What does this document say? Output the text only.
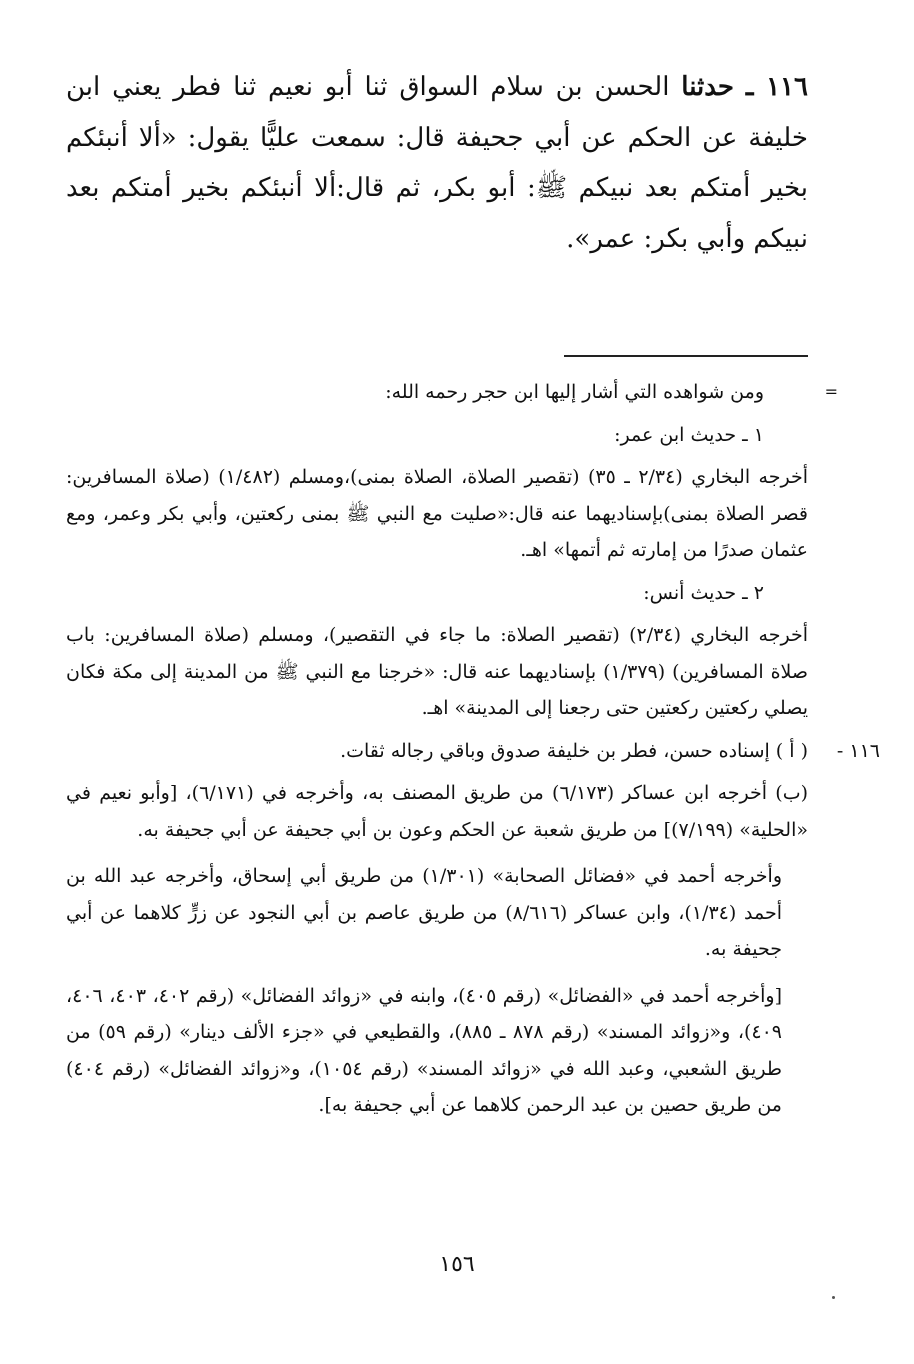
١١٦ ـ حدثنا الحسن بن سلام السواق ثنا أبو نعيم ثنا فطر يعني ابن خليفة عن الحكم عن أبي جحيفة قال: سمعت عليًّا يقول: «ألا أنبئكم بخير أمتكم بعد نبيكم ﷺ: أبو بكر، ثم قال:ألا أنبئكم بخير أمتكم بعد نبيكم وأبي بكر: عمر».

=

ومن شواهده التي أشار إليها ابن حجر رحمه الله:

١ ـ حديث ابن عمر:

أخرجه البخاري (٢/٣٤ ـ ٣٥) (تقصير الصلاة، الصلاة بمنى)،ومسلم (١/٤٨٢) (صلاة المسافرين: قصر الصلاة بمنى)بإسناديهما عنه قال:«صليت مع النبي ﷺ بمنى ركعتين، وأبي بكر وعمر، ومع عثمان صدرًا من إمارته ثم أتمها» اهـ.

٢ ـ حديث أنس:

أخرجه البخاري (٢/٣٤) (تقصير الصلاة: ما جاء في التقصير)، ومسلم (صلاة المسافرين: باب صلاة المسافرين) (١/٣٧٩) بإسناديهما عنه قال: «خرجنا مع النبي ﷺ من المدينة إلى مكة فكان يصلي ركعتين ركعتين حتى رجعنا إلى المدينة» اهـ.

١١٦ -

( أ ) إسناده حسن، فطر بن خليفة صدوق وباقي رجاله ثقات.

(ب) أخرجه ابن عساكر (٦/١٧٣) من طريق المصنف به، وأخرجه في (٦/١٧١)، [وأبو نعيم في «الحلية» (٧/١٩٩)] من طريق شعبة عن الحكم وعون بن أبي جحيفة عن أبي جحيفة به.

وأخرجه أحمد في «فضائل الصحابة» (١/٣٠١) من طريق أبي إسحاق، وأخرجه عبد الله بن أحمد (١/٣٤)، وابن عساكر (٨/٦١٦) من طريق عاصم بن أبي النجود عن زرٍّ كلاهما عن أبي جحيفة به.

[وأخرجه أحمد في «الفضائل» (رقم ٤٠٥)، وابنه في «زوائد الفضائل» (رقم ٤٠٢، ٤٠٣، ٤٠٦، ٤٠٩)، و«زوائد المسند» (رقم ٨٧٨ ـ ٨٨٥)، والقطيعي في «جزء الألف دينار» (رقم ٥٩) من طريق الشعبي، وعبد الله في «زوائد المسند» (رقم ١٠٥٤)، و«زوائد الفضائل» (رقم ٤٠٤) من طريق حصين بن عبد الرحمن كلاهما عن أبي جحيفة به].

١٥٦
